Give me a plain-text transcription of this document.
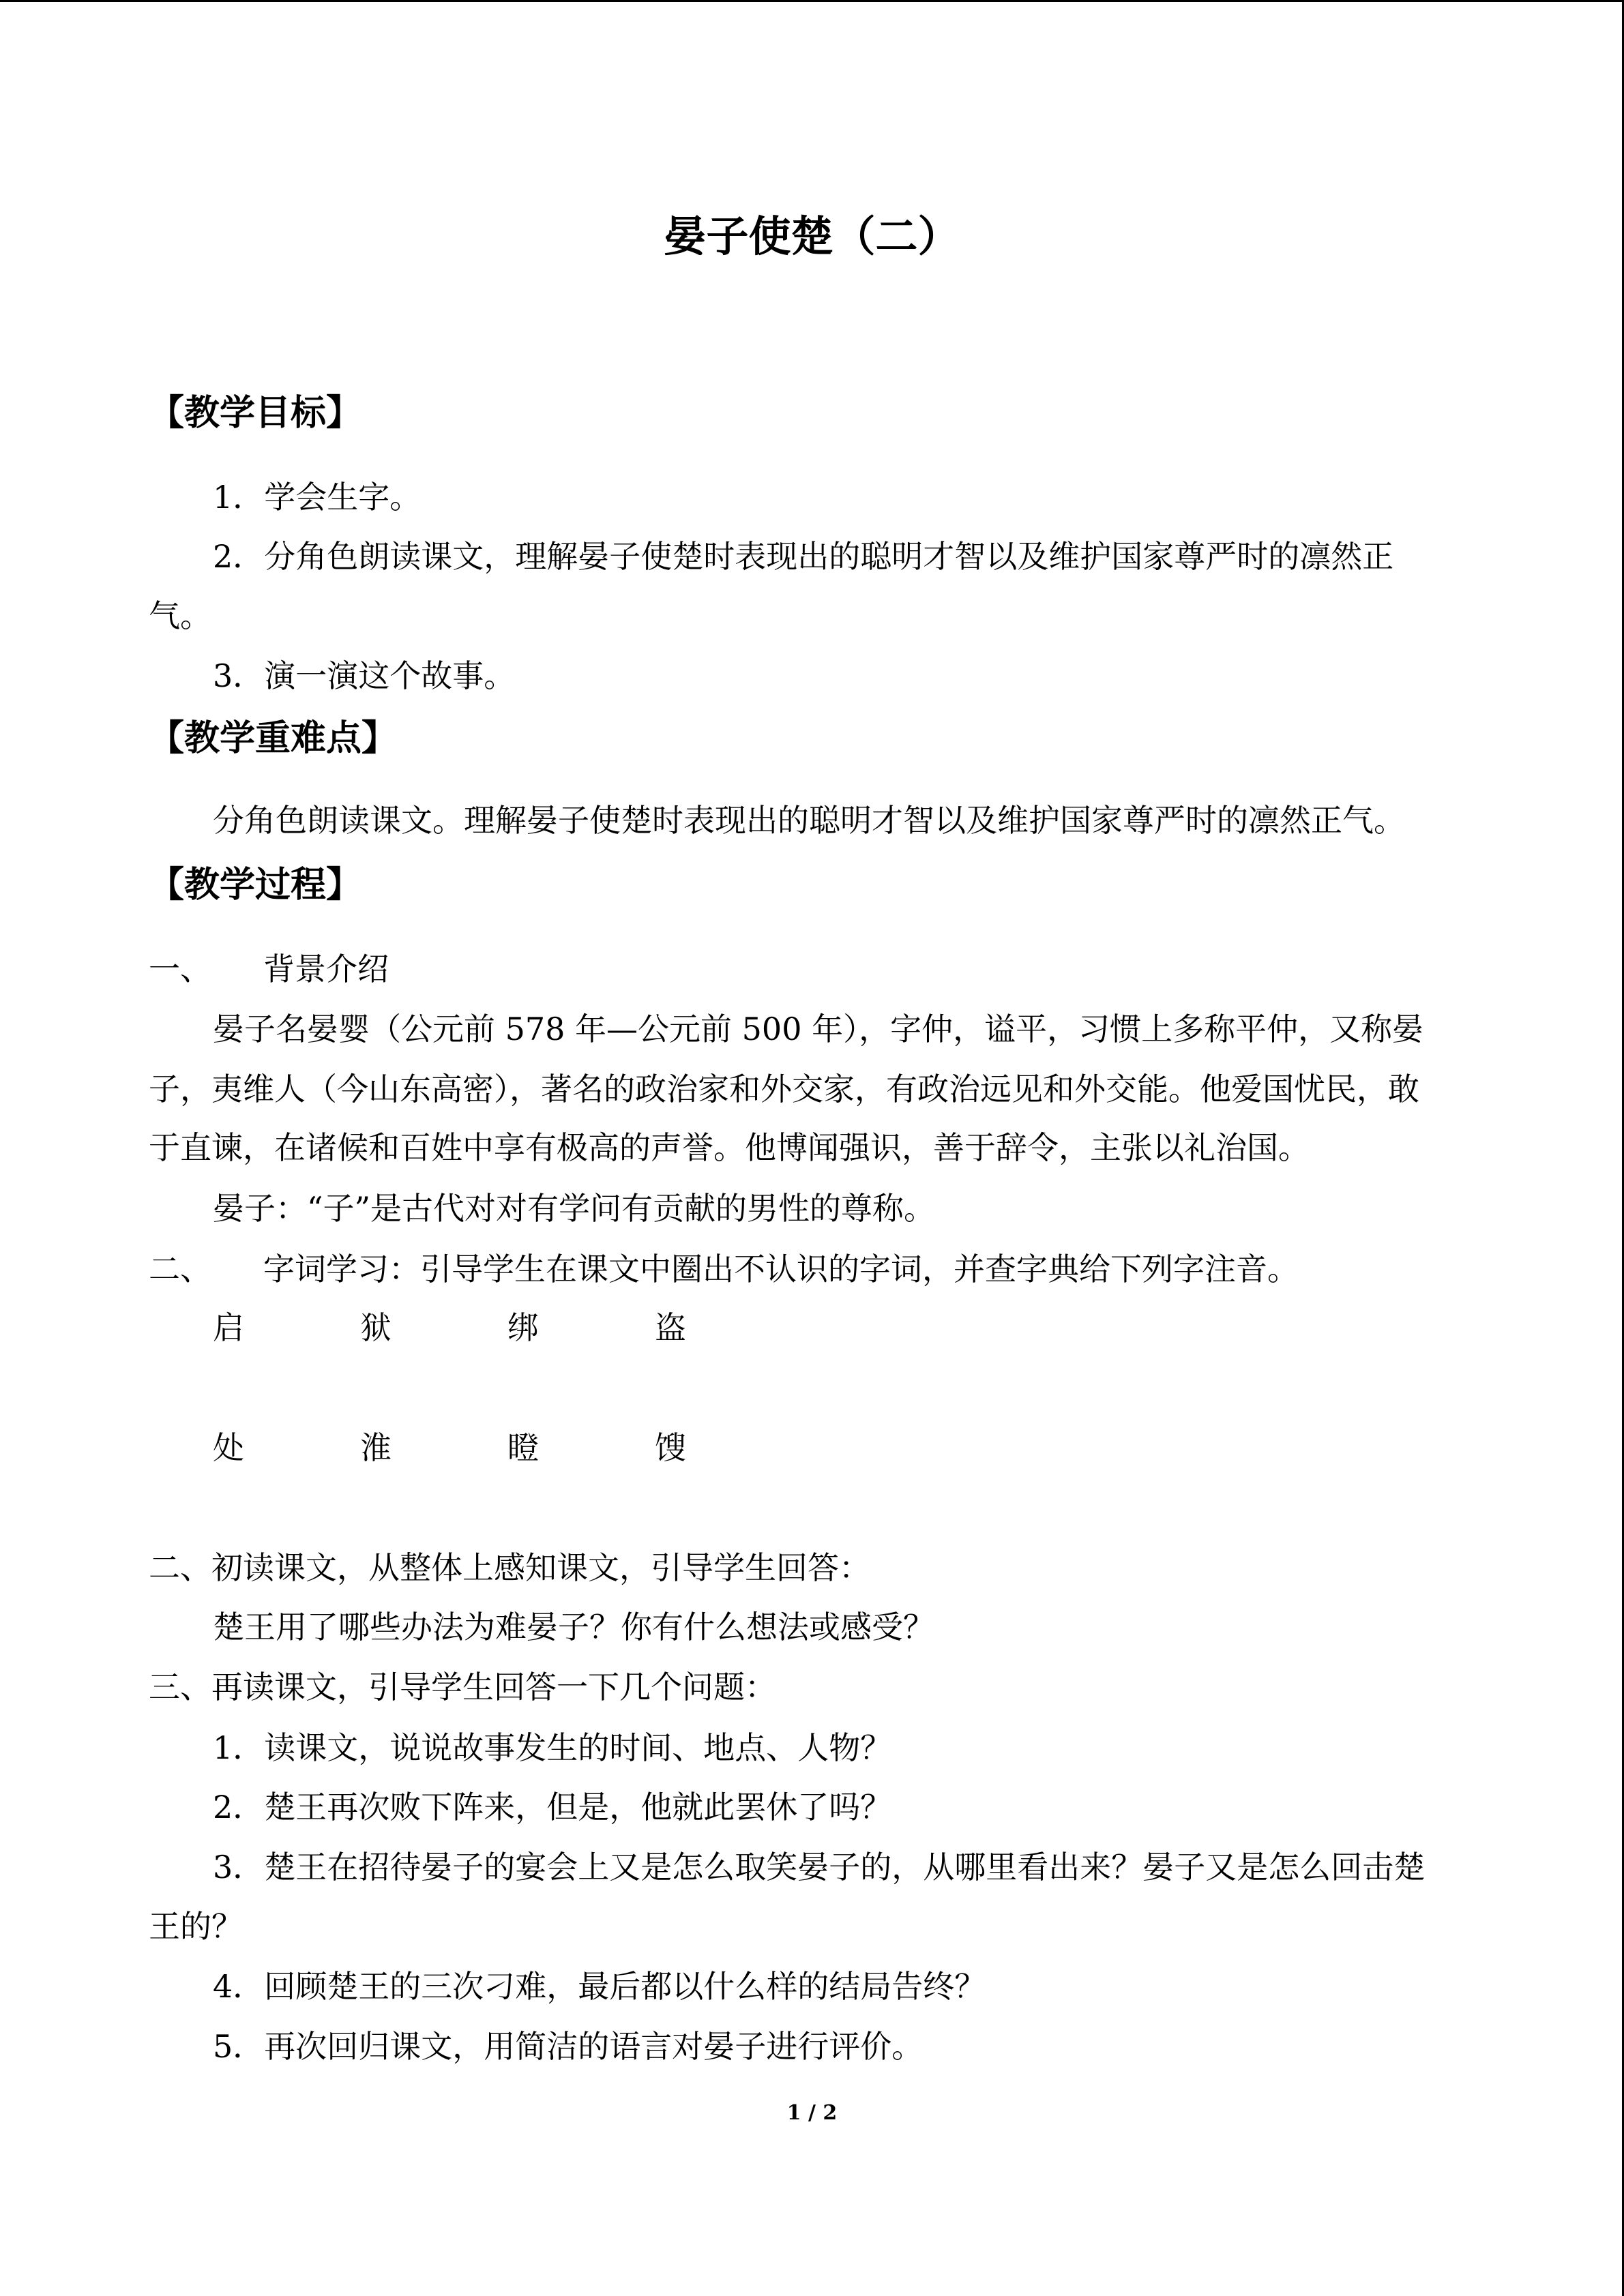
晏子使楚（二）
【教学目标】
1．学会生字。
2．分角色朗读课文，理解晏子使楚时表现出的聪明才智以及维护国家尊严时的凛然正
气。
3．演一演这个故事。
【教学重难点】
分角色朗读课文。理解晏子使楚时表现出的聪明才智以及维护国家尊严时的凛然正气。
【教学过程】
一、 背景介绍
晏子名晏婴（公元前 578 年—公元前 500 年），字仲，谥平，习惯上多称平仲，又称晏
子，夷维人（今山东高密），著名的政治家和外交家，有政治远见和外交能。他爱国忧民，敢
于直谏，在诸候和百姓中享有极高的声誉。他博闻强识，善于辞令，主张以礼治国。
晏子：“子”是古代对对有学问有贡献的男性的尊称。
二、 字词学习：引导学生在课文中圈出不认识的字词，并查字典给下列字注音。
启	狱	绑	盗
处	淮	瞪	馊
二、初读课文，从整体上感知课文，引导学生回答：
楚王用了哪些办法为难晏子？你有什么想法或感受？
三、再读课文，引导学生回答一下几个问题：
1．读课文，说说故事发生的时间、地点、人物？
2．楚王再次败下阵来，但是，他就此罢休了吗？
3．楚王在招待晏子的宴会上又是怎么取笑晏子的，从哪里看出来？晏子又是怎么回击楚
王的？
4．回顾楚王的三次刁难，最后都以什么样的结局告终？
5．再次回归课文，用简洁的语言对晏子进行评价。
1 / 2
